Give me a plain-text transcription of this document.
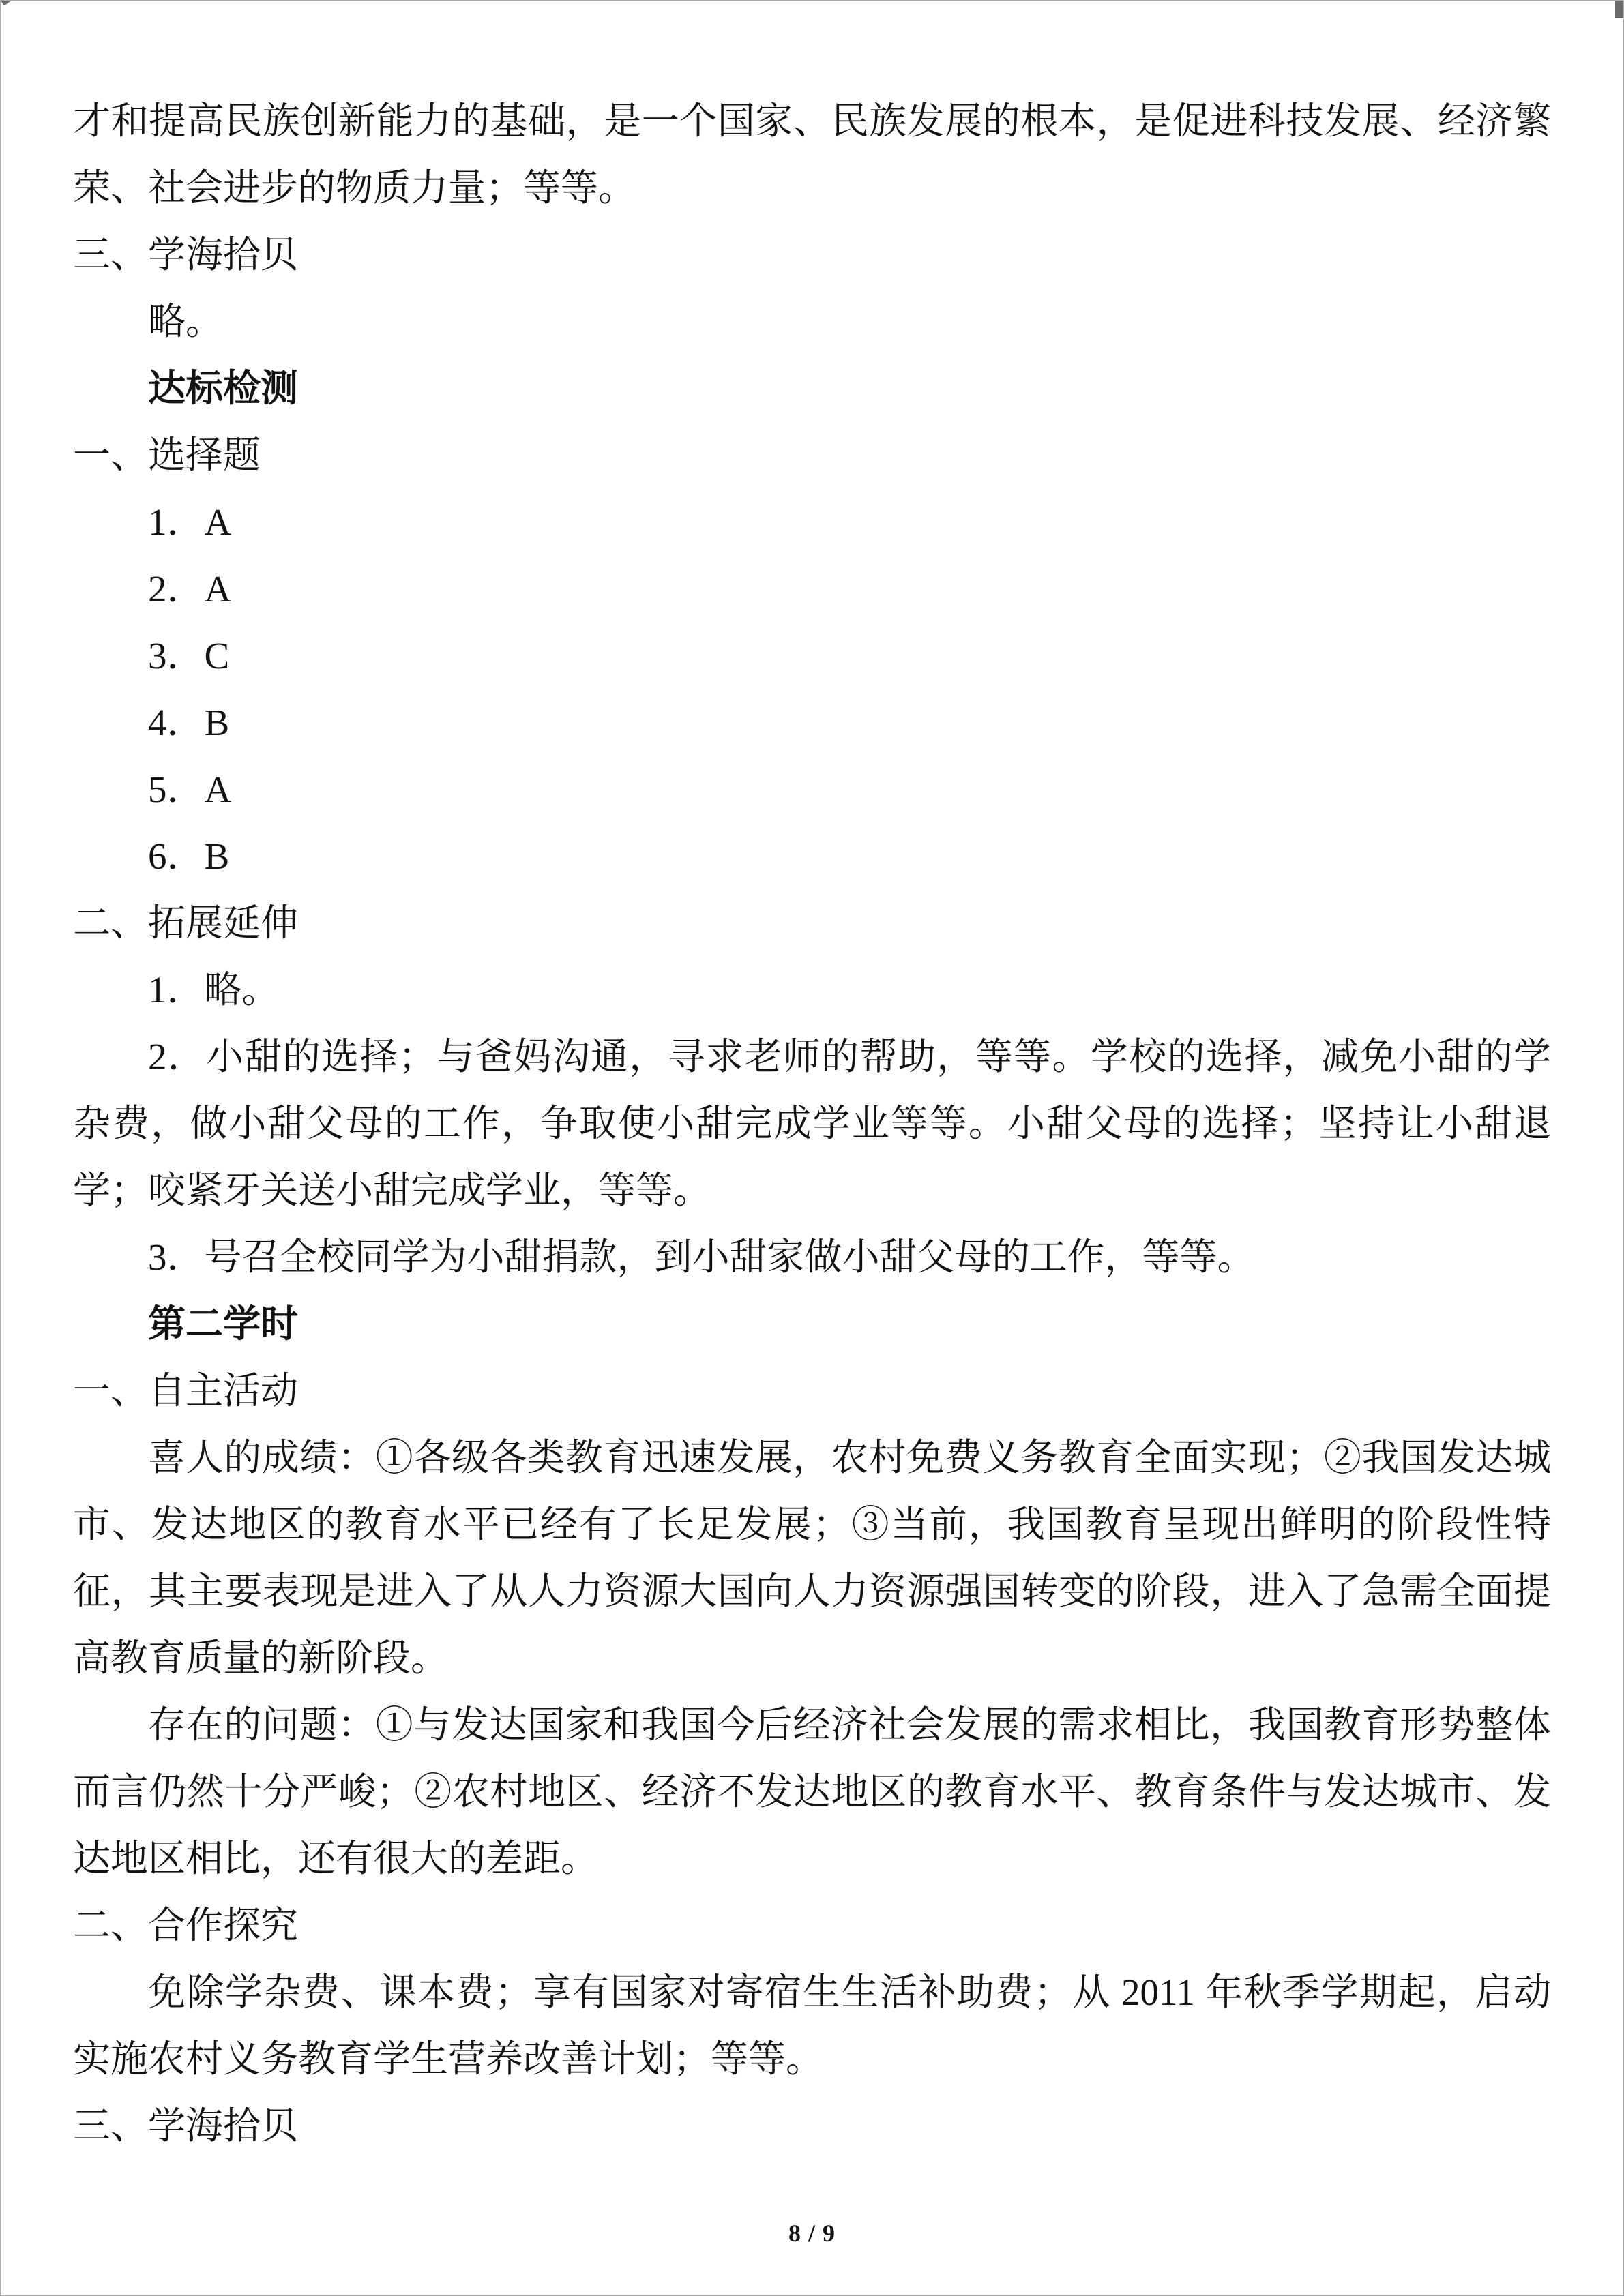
才和提高民族创新能力的基础，是一个国家、民族发展的根本，是促进科技发展、经济繁荣、社会进步的物质力量；等等。

三、学海拾贝

略。

达标检测

一、选择题

1．A

2．A

3．C

4．B

5．A

6．B

二、拓展延伸

1．略。

2．小甜的选择；与爸妈沟通，寻求老师的帮助，等等。学校的选择，减免小甜的学杂费，做小甜父母的工作，争取使小甜完成学业等等。小甜父母的选择；坚持让小甜退学；咬紧牙关送小甜完成学业，等等。

3．号召全校同学为小甜捐款，到小甜家做小甜父母的工作，等等。

第二学时

一、自主活动

喜人的成绩：①各级各类教育迅速发展，农村免费义务教育全面实现；②我国发达城市、发达地区的教育水平已经有了长足发展；③当前，我国教育呈现出鲜明的阶段性特征，其主要表现是进入了从人力资源大国向人力资源强国转变的阶段，进入了急需全面提高教育质量的新阶段。

存在的问题：①与发达国家和我国今后经济社会发展的需求相比，我国教育形势整体而言仍然十分严峻；②农村地区、经济不发达地区的教育水平、教育条件与发达城市、发达地区相比，还有很大的差距。

二、合作探究

免除学杂费、课本费；享有国家对寄宿生生活补助费；从 2011 年秋季学期起，启动实施农村义务教育学生营养改善计划；等等。

三、学海拾贝

8 / 9
